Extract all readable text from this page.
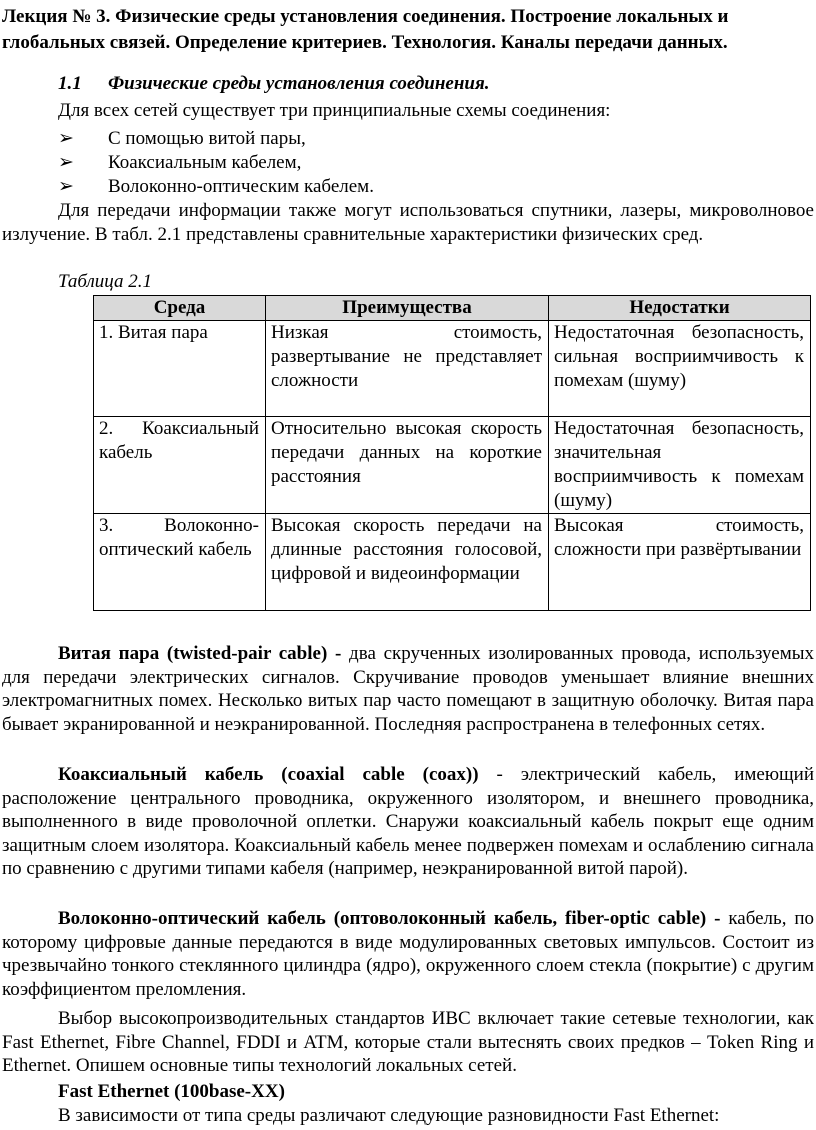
Лекция № 3. Физические среды установления соединения. Построение локальных и глобальных связей. Определение критериев. Технология. Каналы передачи данных.
1.1 Физические среды установления соединения.

Для всех сетей существует три принципиальные схемы соединения:

➢	С помощью витой пары,
➢	Коаксиальным кабелем,
➢	Волоконно-оптическим кабелем.

Для передачи информации также могут использоваться спутники, лазеры, микроволновое излучение. В табл. 2.1 представлены сравнительные характеристики физических сред.

Таблица 2.1
Среда	Преимущества	Недостатки
1. Витая пара	Низкая стоимость, развертывание не представляет сложности	Недостаточная безопасность, сильная восприимчивость к помехам (шуму)
2. Коаксиальный кабель	Относительно высокая скорость передачи данных на короткие расстояния	Недостаточная безопасность, значительная восприимчивость к помехам (шуму)
3. Волоконно-оптический кабель	Высокая скорость передачи на длинные расстояния голосовой, цифровой и видеоинформации	Высокая стоимость, сложности при развёртывании

Витая пара (twisted-pair cable) - два скрученных изолированных провода, используемых для передачи электрических сигналов. Скручивание проводов уменьшает влияние внешних электромагнитных помех. Несколько витых пар часто помещают в защитную оболочку. Витая пара бывает экранированной и неэкранированной. Последняя распространена в телефонных сетях.

Коаксиальный кабель (coaxial cable (coax)) - электрический кабель, имеющий расположение центрального проводника, окруженного изолятором, и внешнего проводника, выполненного в виде проволочной оплетки. Снаружи коаксиальный кабель покрыт еще одним защитным слоем изолятора. Коаксиальный кабель менее подвержен помехам и ослаблению сигнала по сравнению с другими типами кабеля (например, неэкранированной витой парой).

Волоконно-оптический кабель (оптоволоконный кабель, fiber-optic cable) - кабель, по которому цифровые данные передаются в виде модулированных световых импульсов. Состоит из чрезвычайно тонкого стеклянного цилиндра (ядро), окруженного слоем стекла (покрытие) с другим коэффициентом преломления.

Выбор высокопроизводительных стандартов ИВС включает такие сетевые технологии, как Fast Ethernet, Fibre Channel, FDDI и ATM, которые стали вытеснять своих предков – Token Ring и Ethernet. Опишем основные типы технологий локальных сетей.

Fast Ethernet (100base-XX)

В зависимости от типа среды различают следующие разновидности Fast Ethernet:
